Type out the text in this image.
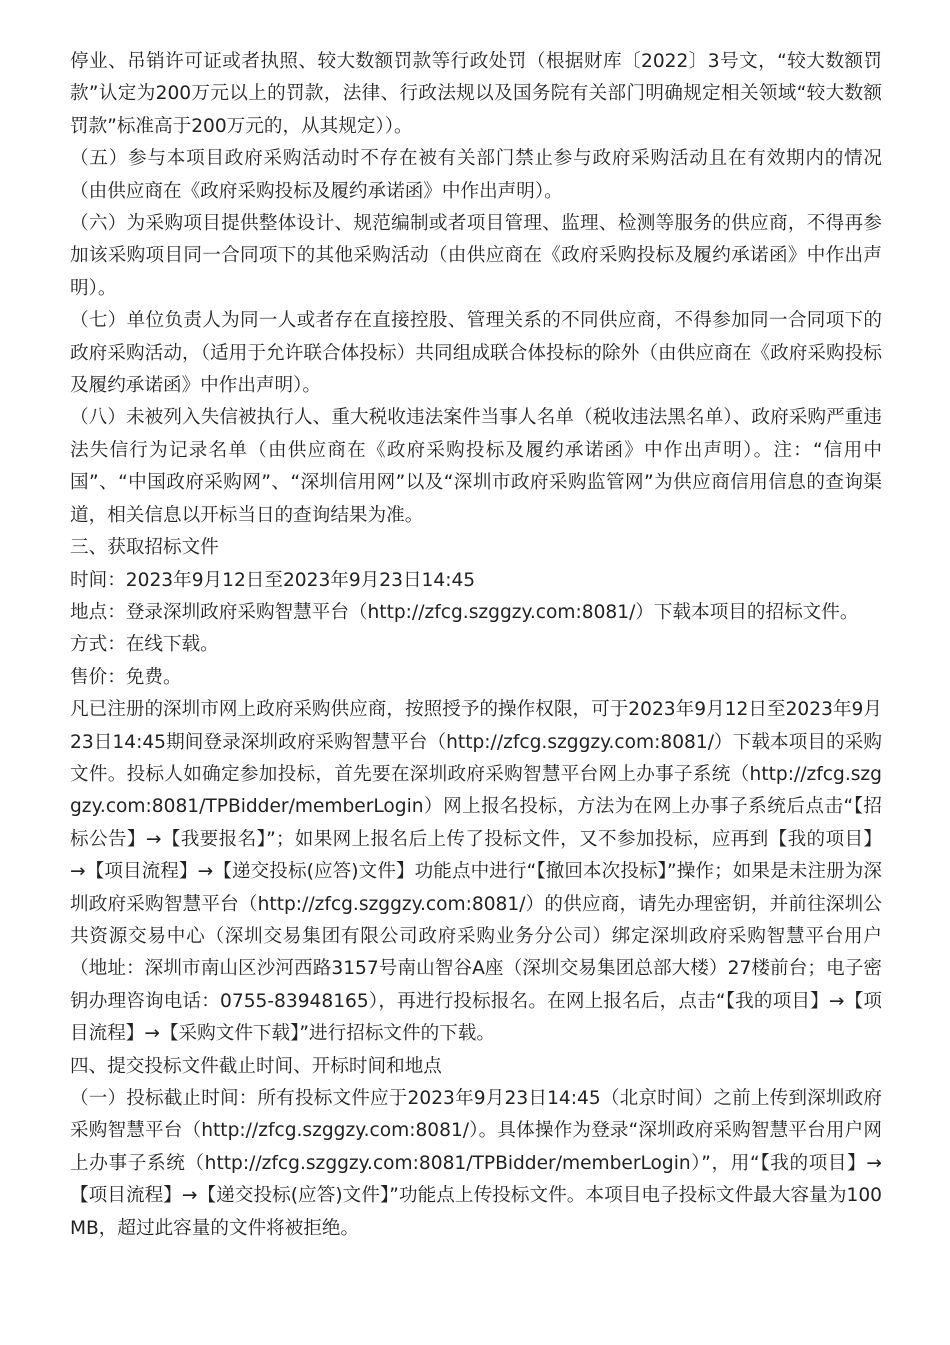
停业、吊销许可证或者执照、较大数额罚款等行政处罚（根据财库〔2022〕3号文，“较大数额罚款”认定为200万元以上的罚款，法律、行政法规以及国务院有关部门明确规定相关领域“较大数额罚款”标准高于200万元的，从其规定））。

（五）参与本项目政府采购活动时不存在被有关部门禁止参与政府采购活动且在有效期内的情况（由供应商在《政府采购投标及履约承诺函》中作出声明）。

（六）为采购项目提供整体设计、规范编制或者项目管理、监理、检测等服务的供应商，不得再参加该采购项目同一合同项下的其他采购活动（由供应商在《政府采购投标及履约承诺函》中作出声明）。

（七）单位负责人为同一人或者存在直接控股、管理关系的不同供应商，不得参加同一合同项下的政府采购活动，（适用于允许联合体投标）共同组成联合体投标的除外（由供应商在《政府采购投标及履约承诺函》中作出声明）。

（八）未被列入失信被执行人、重大税收违法案件当事人名单（税收违法黑名单）、政府采购严重违法失信行为记录名单（由供应商在《政府采购投标及履约承诺函》中作出声明）。注：“信用中国”、“中国政府采购网”、“深圳信用网”以及“深圳市政府采购监管网”为供应商信用信息的查询渠道，相关信息以开标当日的查询结果为准。

三、获取招标文件

时间：2023年9月12日至2023年9月23日14:45

地点：登录深圳政府采购智慧平台（http://zfcg.szggzy.com:8081/）下载本项目的招标文件。

方式：在线下载。

售价：免费。

凡已注册的深圳市网上政府采购供应商，按照授予的操作权限，可于2023年9月12日至2023年9月23日14:45期间登录深圳政府采购智慧平台（http://zfcg.szggzy.com:8081/）下载本项目的采购文件。投标人如确定参加投标，首先要在深圳政府采购智慧平台网上办事子系统（http://zfcg.szggzy.com:8081/TPBidder/memberLogin）网上报名投标，方法为在网上办事子系统后点击“【招标公告】→【我要报名】”；如果网上报名后上传了投标文件，又不参加投标，应再到【我的项目】→【项目流程】→【递交投标(应答)文件】功能点中进行“【撤回本次投标】”操作；如果是未注册为深圳政府采购智慧平台（http://zfcg.szggzy.com:8081/）的供应商，请先办理密钥，并前往深圳公共资源交易中心（深圳交易集团有限公司政府采购业务分公司）绑定深圳政府采购智慧平台用户（地址：深圳市南山区沙河西路3157号南山智谷A座（深圳交易集团总部大楼）27楼前台；电子密钥办理咨询电话：0755-83948165），再进行投标报名。在网上报名后，点击“【我的项目】→【项目流程】→【采购文件下载】”进行招标文件的下载。

四、提交投标文件截止时间、开标时间和地点

（一）投标截止时间：所有投标文件应于2023年9月23日14:45（北京时间）之前上传到深圳政府采购智慧平台（http://zfcg.szggzy.com:8081/）。具体操作为登录“深圳政府采购智慧平台用户网上办事子系统（http://zfcg.szggzy.com:8081/TPBidder/memberLogin）”，用“【我的项目】→【项目流程】→【递交投标(应答)文件】”功能点上传投标文件。本项目电子投标文件最大容量为100MB，超过此容量的文件将被拒绝。
